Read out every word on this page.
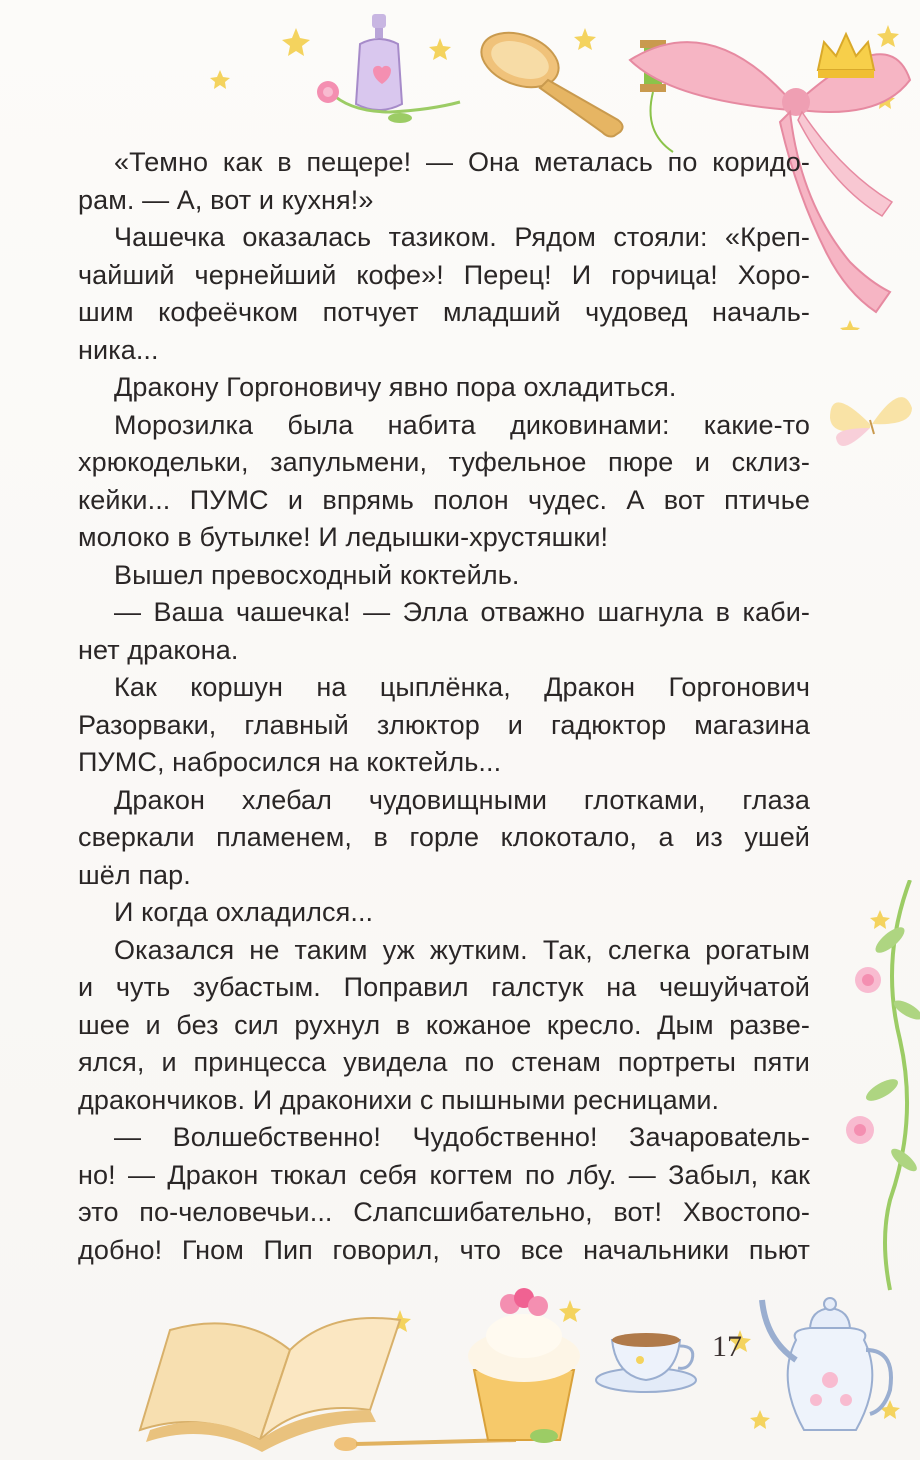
«Темно как в пещере! — Она металась по коридо-
рам. — А, вот и кухня!»
Чашечка оказалась тазиком. Рядом стояли: «Креп-
чайший чернейший кофе»! Перец! И горчица! Хоро-
шим кофеёчком потчует младший чудовед началь-
ника...
Дракону Горгоновичу явно пора охладиться.
Морозилка была набита диковинами: какие-то
хрюкодельки, запульмени, туфельное пюре и склиз-
кейки... ПУМС и впрямь полон чудес. А вот птичье
молоко в бутылке! И ледышки-хрустяшки!
Вышел превосходный коктейль.
— Ваша чашечка! — Элла отважно шагнула в каби-
нет дракона.
Как коршун на цыплёнка, Дракон Горгонович
Разорваки, главный злюктор и гадюктор магазина
ПУМС, набросился на коктейль...
Дракон хлебал чудовищными глотками, глаза
сверкали пламенем, в горле клокотало, а из ушей
шёл пар.
И когда охладился...
Оказался не таким уж жутким. Так, слегка рогатым
и чуть зубастым. Поправил галстук на чешуйчатой
шее и без сил рухнул в кожаное кресло. Дым разве-
ялся, и принцесса увидела по стенам портреты пяти
дракончиков. И дракониxи с пышными ресницами.
— Волшебственно! Чудобственно! Зачаровatель-
но! — Дракон тюкал себя когтем по лбу. — Забыл, как
это по-человечьи... Слапсшибательно, вот! Хвостопо-
добно! Гном Пип говорил, что все начальники пьют
17
